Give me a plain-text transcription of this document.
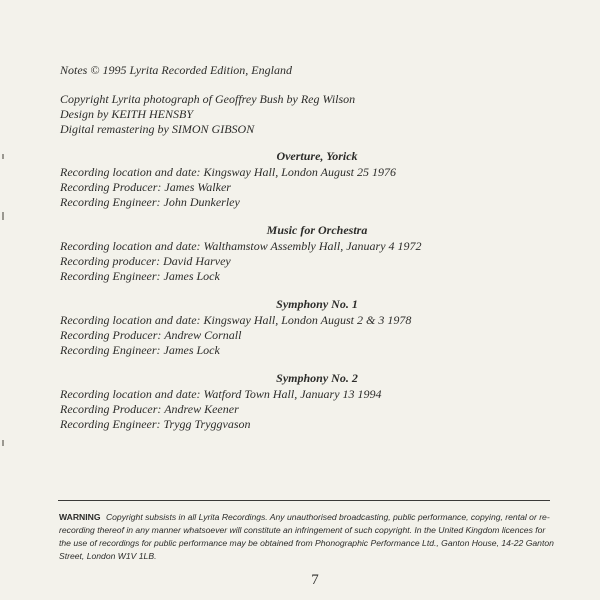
Notes © 1995 Lyrita Recorded Edition, England
Copyright Lyrita photograph of Geoffrey Bush by Reg Wilson
Design by KEITH HENSBY
Digital remastering by SIMON GIBSON
Overture, Yorick
Recording location and date: Kingsway Hall, London August 25 1976
Recording Producer: James Walker
Recording Engineer: John Dunkerley
Music for Orchestra
Recording location and date: Walthamstow Assembly Hall, January 4 1972
Recording producer: David Harvey
Recording Engineer: James Lock
Symphony No. 1
Recording location and date: Kingsway Hall, London August 2 & 3 1978
Recording Producer: Andrew Cornall
Recording Engineer: James Lock
Symphony No. 2
Recording location and date: Watford Town Hall, January 13 1994
Recording Producer: Andrew Keener
Recording Engineer: Trygg Tryggvason
WARNING Copyright subsists in all Lyrita Recordings. Any unauthorised broadcasting, public performance, copying, rental or re-recording thereof in any manner whatsoever will constitute an infringement of such copyright. In the United Kingdom licences for the use of recordings for public performance may be obtained from Phonographic Performance Ltd., Ganton House, 14-22 Ganton Street, London W1V 1LB.
7
